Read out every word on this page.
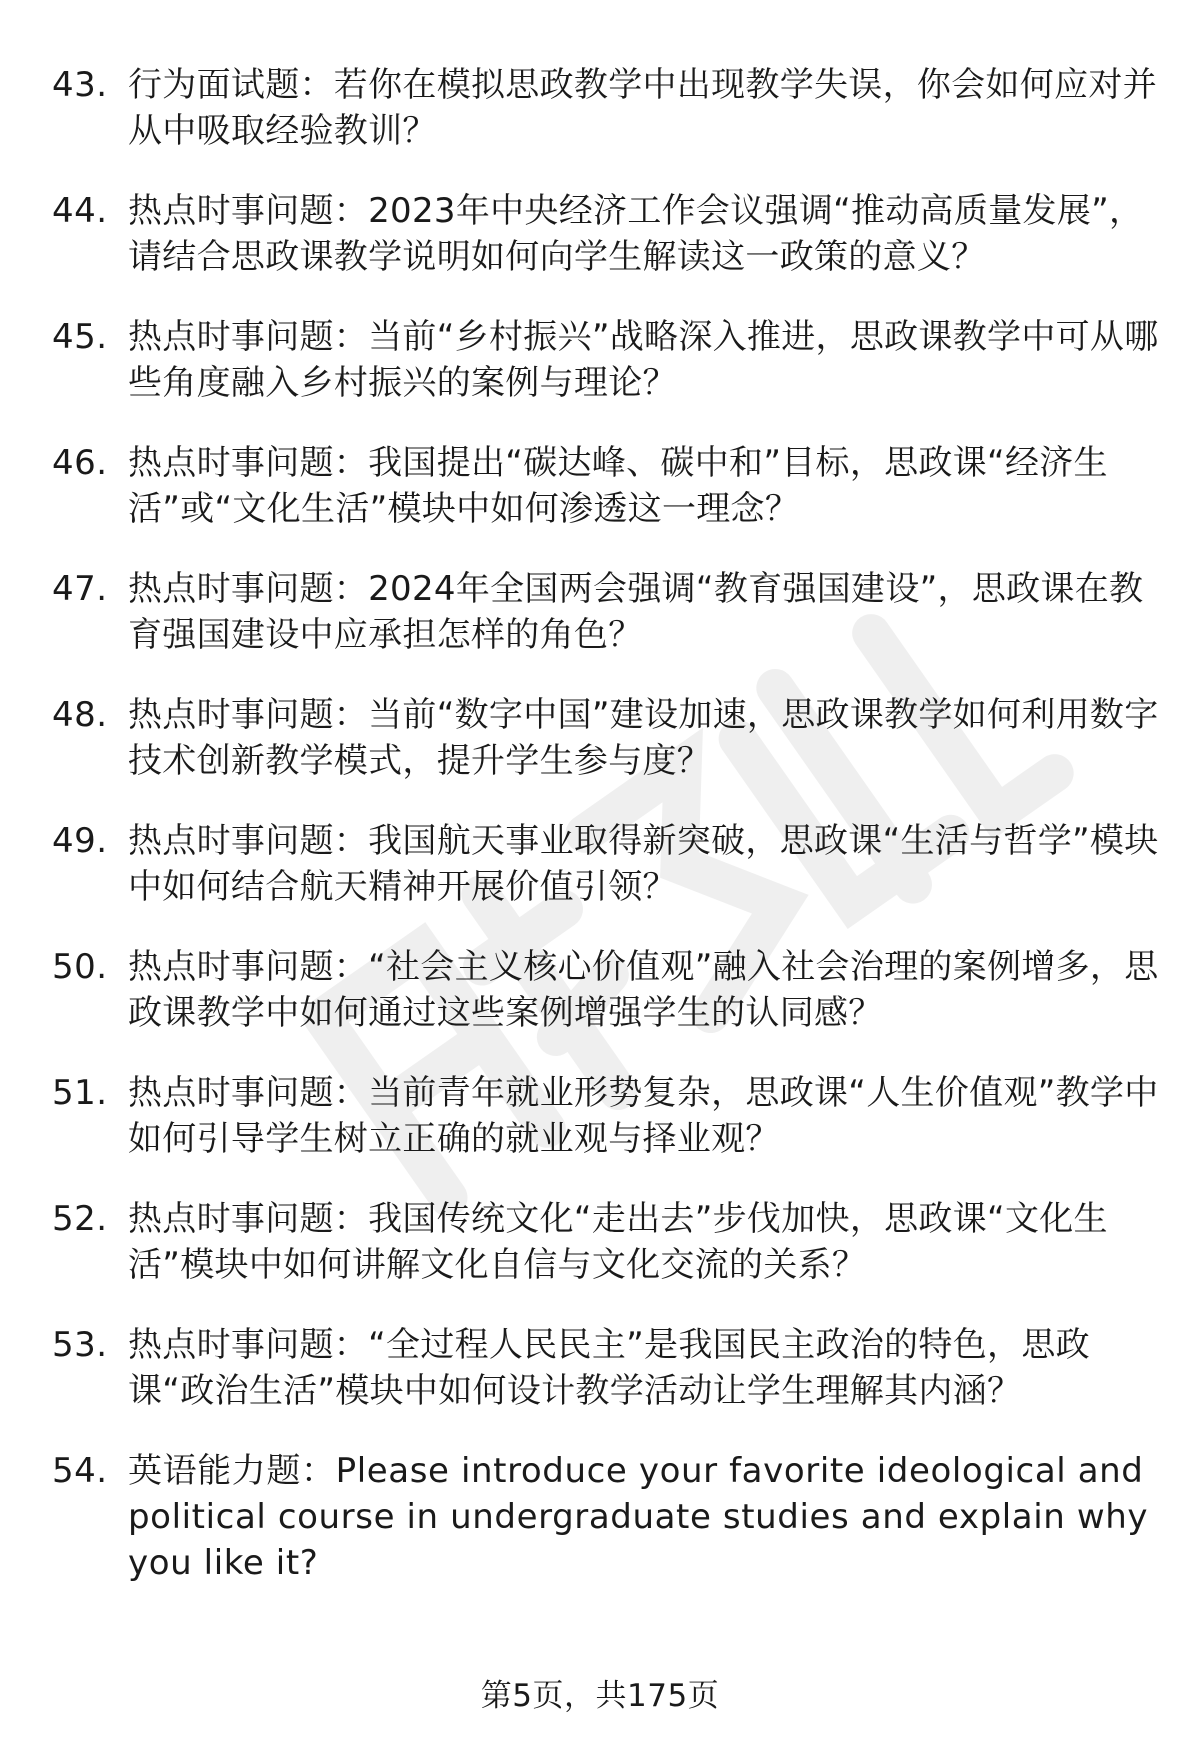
43. 行为面试题：若你在模拟思政教学中出现教学失误，你会如何应对并从中吸取经验教训？
44. 热点时事问题：2023年中央经济工作会议强调“推动高质量发展”，请结合思政课教学说明如何向学生解读这一政策的意义？
45. 热点时事问题：当前“乡村振兴”战略深入推进，思政课教学中可从哪些角度融入乡村振兴的案例与理论？
46. 热点时事问题：我国提出“碳达峰、碳中和”目标，思政课“经济生活”或“文化生活”模块中如何渗透这一理念？
47. 热点时事问题：2024年全国两会强调“教育强国建设”，思政课在教育强国建设中应承担怎样的角色？
48. 热点时事问题：当前“数字中国”建设加速，思政课教学如何利用数字技术创新教学模式，提升学生参与度？
49. 热点时事问题：我国航天事业取得新突破，思政课“生活与哲学”模块中如何结合航天精神开展价值引领？
50. 热点时事问题：“社会主义核心价值观”融入社会治理的案例增多，思政课教学中如何通过这些案例增强学生的认同感？
51. 热点时事问题：当前青年就业形势复杂，思政课“人生价值观”教学中如何引导学生树立正确的就业观与择业观？
52. 热点时事问题：我国传统文化“走出去”步伐加快，思政课“文化生活”模块中如何讲解文化自信与文化交流的关系？
53. 热点时事问题：“全过程人民民主”是我国民主政治的特色，思政课“政治生活”模块中如何设计教学活动让学生理解其内涵？
54. 英语能力题：Please introduce your favorite ideological and political course in undergraduate studies and explain why you like it?
第5页，共175页
